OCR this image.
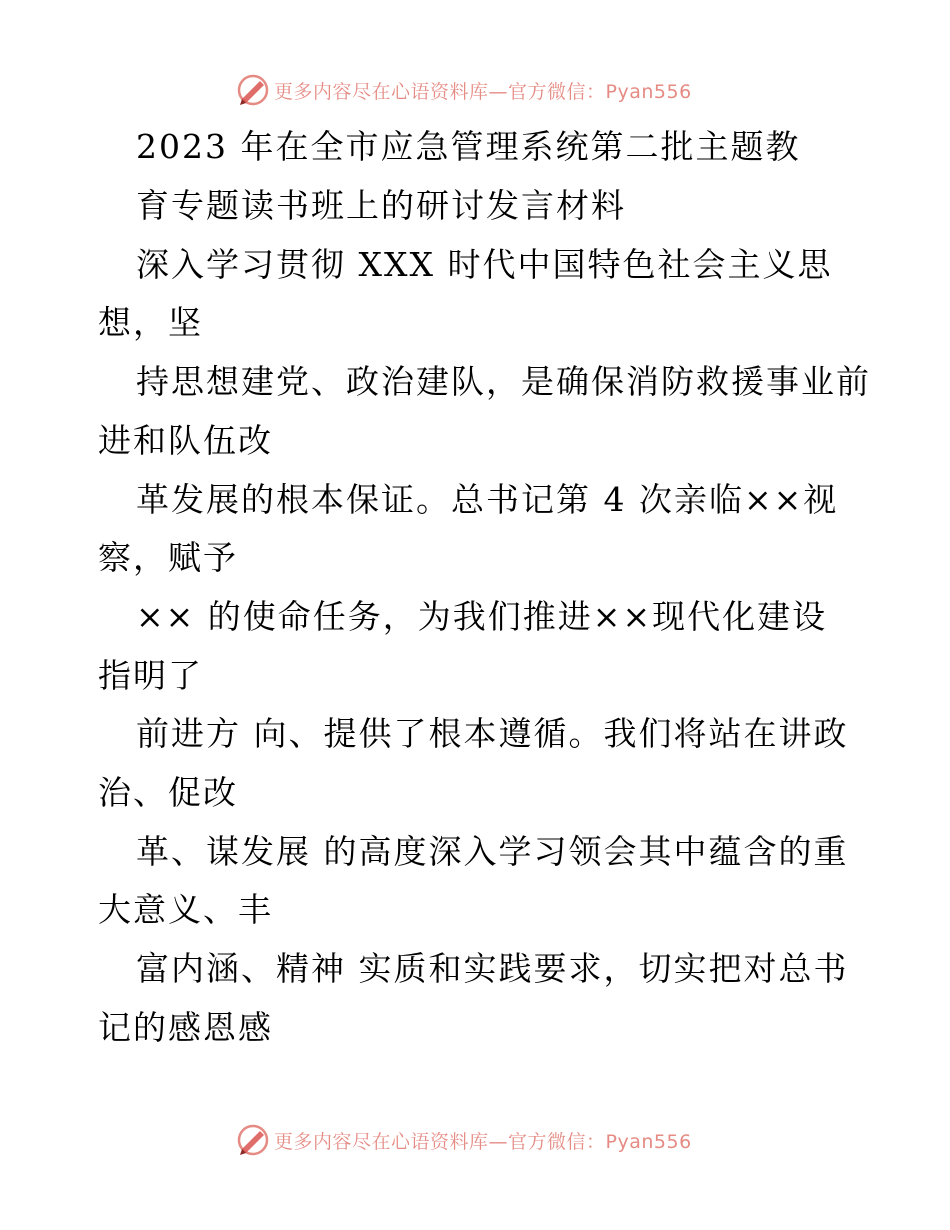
更多内容尽在心语资料库—官方微信：Pyan556
2023 年在全市应急管理系统第二批主题教
育专题读书班上的研讨发言材料
深入学习贯彻 XXX 时代中国特色社会主义思
想，坚
持思想建党、政治建队，是确保消防救援事业前
进和队伍改
革发展的根本保证。总书记第 4 次亲临××视
察，赋予
×× 的使命任务，为我们推进××现代化建设
指明了
前进方 向、提供了根本遵循。我们将站在讲政
治、促改
革、谋发展 的高度深入学习领会其中蕴含的重
大意义、丰
富内涵、精神 实质和实践要求，切实把对总书
记的感恩感
更多内容尽在心语资料库—官方微信：Pyan556
